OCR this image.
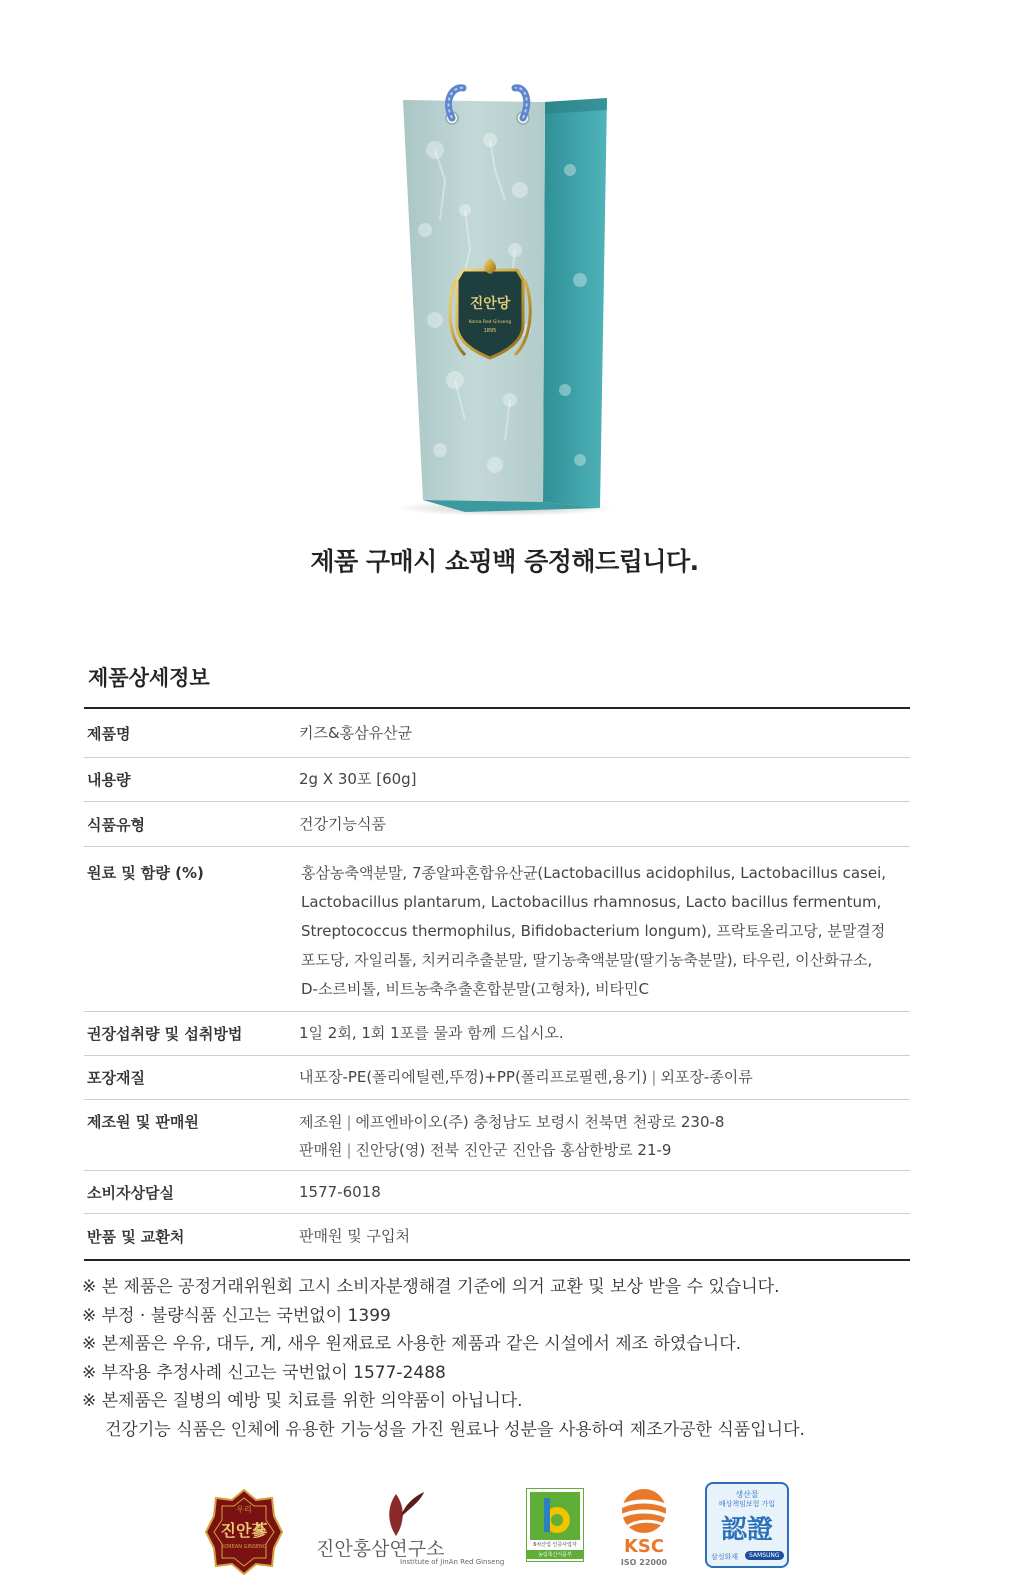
진안당
Korea Red Ginseng
1895
제품 구매시 쇼핑백 증정해드립니다.
제품상세정보
제품명	키즈&홍삼유산균
내용량	2g X 30포 [60g]
식품유형	건강기능식품
원료 및 함량 (%)	홍삼농축액분말, 7종알파혼합유산균(Lactobacillus acidophilus, Lactobacillus casei,
Lactobacillus plantarum, Lactobacillus rhamnosus, Lacto bacillus fermentum,
Streptococcus thermophilus, Bifidobacterium longum), 프락토올리고당, 분말결정
포도당, 자일리톨, 치커리추출분말, 딸기농축액분말(딸기농축분말), 타우린, 이산화규소,
D-소르비톨, 비트농축추출혼합분말(고형차), 비타민C
권장섭취량 및 섭취방법	1일 2회, 1회 1포를 물과 함께 드십시오.
포장재질	내포장-PE(폴리에틸렌,뚜껑)+PP(폴리프로필렌,용기) | 외포장-종이류
제조원 및 판매원	제조원 | 에프엔바이오(주) 충청남도 보령시 천북면 천광로 230-8
판매원 | 진안당(영) 전북 진안군 진안읍 홍삼한방로 21-9
소비자상담실	1577-6018
반품 및 교환처	판매원 및 구입처
※ 본 제품은 공정거래위원회 고시 소비자분쟁해결 기준에 의거 교환 및 보상 받을 수 있습니다.
※ 부정 · 불량식품 신고는 국번없이 1399
※ 본제품은 우유, 대두, 게, 새우 원재료로 사용한 제품과 같은 시설에서 제조 하였습니다.
※ 부작용 추정사례 신고는 국번없이 1577-2488
※ 본제품은 질병의 예방 및 치료를 위한 의약품이 아닙니다.
건강기능 식품은 인체에 유용한 기능성을 가진 원료나 성분을 사용하여 제조가공한 식품입니다.
우리
진안蔘
KOREAN GINSENG	진안홍삼연구소
Institute of JinAn Red Ginseng
6차산업 인증사업자
농림축산식품부	KSC
ISO 22000
생산물
배상책임보험 가입
認證
삼성화재	SAMSUNG
